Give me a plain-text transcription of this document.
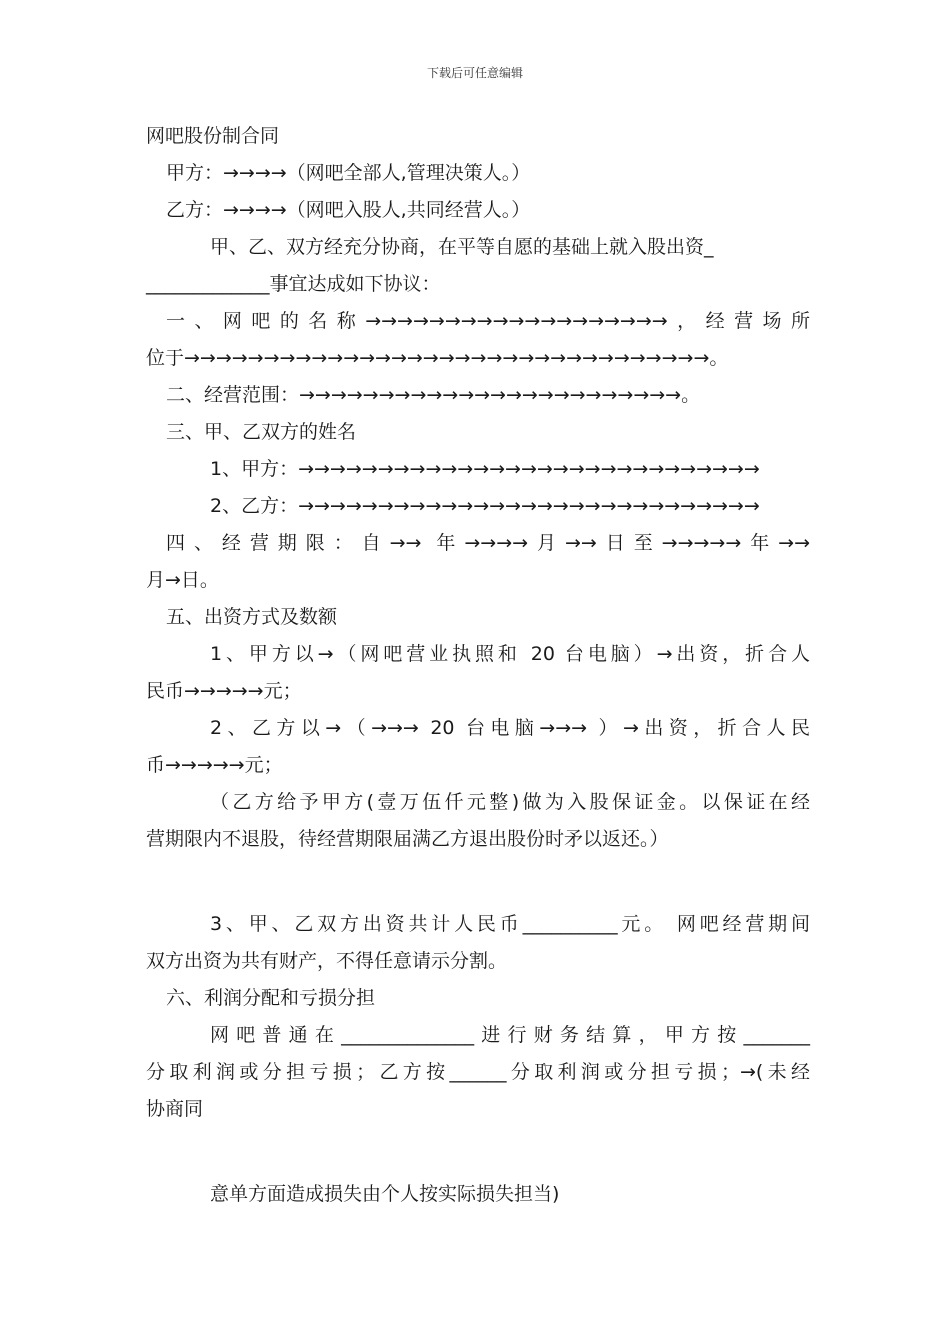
下载后可任意编辑
网吧股份制合同
甲方：→→→→（网吧全部人,管理决策人。）
乙方：→→→→（网吧入股人,共同经营人。）
甲、乙、双方经充分协商，在平等自愿的基础上就入股出资_
_____________事宜达成如下协议：
一、网吧的名称→→→→→→→→→→→→→→→→→→→，经营场所
位于→→→→→→→→→→→→→→→→→→→→→→→→→→→→→→→→→。
二、经营范围：→→→→→→→→→→→→→→→→→→→→→→→→。
三、甲、乙双方的姓名
1、甲方：→→→→→→→→→→→→→→→→→→→→→→→→→→→→→
2、乙方：→→→→→→→→→→→→→→→→→→→→→→→→→→→→→
四、经营期限：自→→ 年→→→→月→→日至→→→→→年→→
月→日。
五、出资方式及数额
1、甲方以→（网吧营业执照和 20 台电脑）→出资，折合人
民币→→→→→元；
2、乙方以→（→→→ 20 台电脑→→→ ）→出资，折合人民
币→→→→→元；
（乙方给予甲方(壹万伍仟元整)做为入股保证金。以保证在经
营期限内不退股，待经营期限届满乙方退出股份时矛以返还。）
3、甲、乙双方出资共计人民币__________元。 网吧经营期间
双方出资为共有财产，不得任意请示分割。
六、利润分配和亏损分担
网吧普通在______________进行财务结算，甲方按_______
分取利润或分担亏损；乙方按______分取利润或分担亏损；→(未经
协商同
意单方面造成损失由个人按实际损失担当)
